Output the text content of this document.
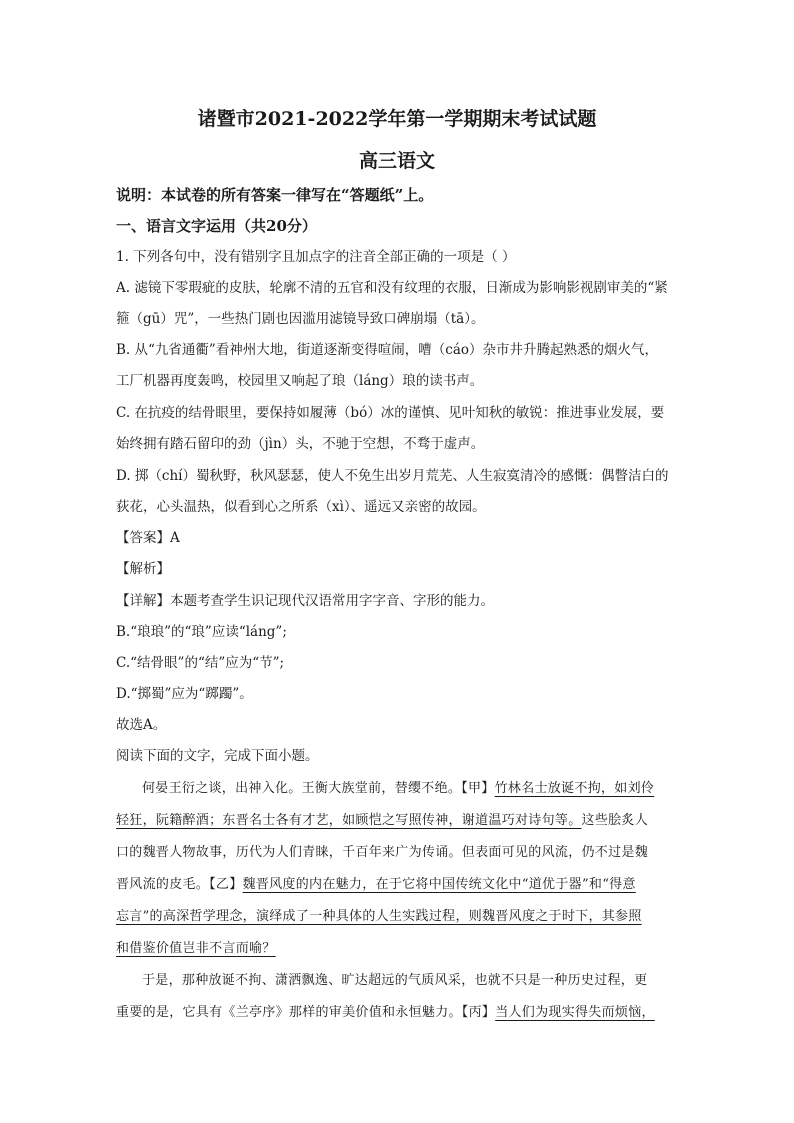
诸暨市2021-2022学年第一学期期末考试试题
高三语文
说明：本试卷的所有答案一律写在“答题纸”上。
一、语言文字运用（共20分）
1. 下列各句中，没有错别字且加点字的注音全部正确的一项是（ ）
A. 滤镜下零瑕疵的皮肤，轮廓不清的五官和没有纹理的衣服，日渐成为影响影视剧审美的“紧
箍（gū）咒”，一些热门剧也因滥用滤镜导致口碑崩塌（tā）。
B. 从“九省通衢”看神州大地，街道逐渐变得喧闹，嘈（cáo）杂市井升腾起熟悉的烟火气，
工厂机器再度轰鸣，校园里又响起了琅（láng）琅的读书声。
C. 在抗疫的结骨眼里，要保持如履薄（bó）冰的谨慎、见叶知秋的敏锐：推进事业发展，要
始终拥有踏石留印的劲（jìn）头，不驰于空想，不骛于虚声。
D. 掷（chí）蜀秋野，秋风瑟瑟，使人不免生出岁月荒芜、人生寂寞清冷的感慨：偶瞥洁白的
荻花，心头温热，似看到心之所系（xì）、遥远又亲密的故园。
【答案】A
【解析】
【详解】本题考查学生识记现代汉语常用字字音、字形的能力。
B.“琅琅”的“琅”应读“láng”;
C.“结骨眼”的“结”应为“节”;
D.“掷蜀”应为“踯躅”。
故选A。
阅读下面的文字，完成下面小题。
何晏王衍之谈，出神入化。王衡大族堂前，替缨不绝。【甲】竹林名士放诞不拘，如刘伶
轻狂，阮籍醉酒；东晋名士各有才艺，如顾恺之写照传神，谢道温巧对诗句等。这些脍炙人
口的魏晋人物故事，历代为人们青睐，千百年来广为传诵。但表面可见的风流，仍不过是魏
晋风流的皮毛。【乙】魏晋风度的内在魅力，在于它将中国传统文化中“道优于器”和“得意
忘言”的高深哲学理念，演绎成了一种具体的人生实践过程，则魏晋风度之于时下，其参照
和借鉴价值岂非不言而喻？
于是，那种放诞不拘、潇洒飘逸、旷达超远的气质风采，也就不只是一种历史过程，更
重要的是，它具有《兰亭序》那样的审美价值和永恒魅力。【丙】当人们为现实得失而烦恼，
